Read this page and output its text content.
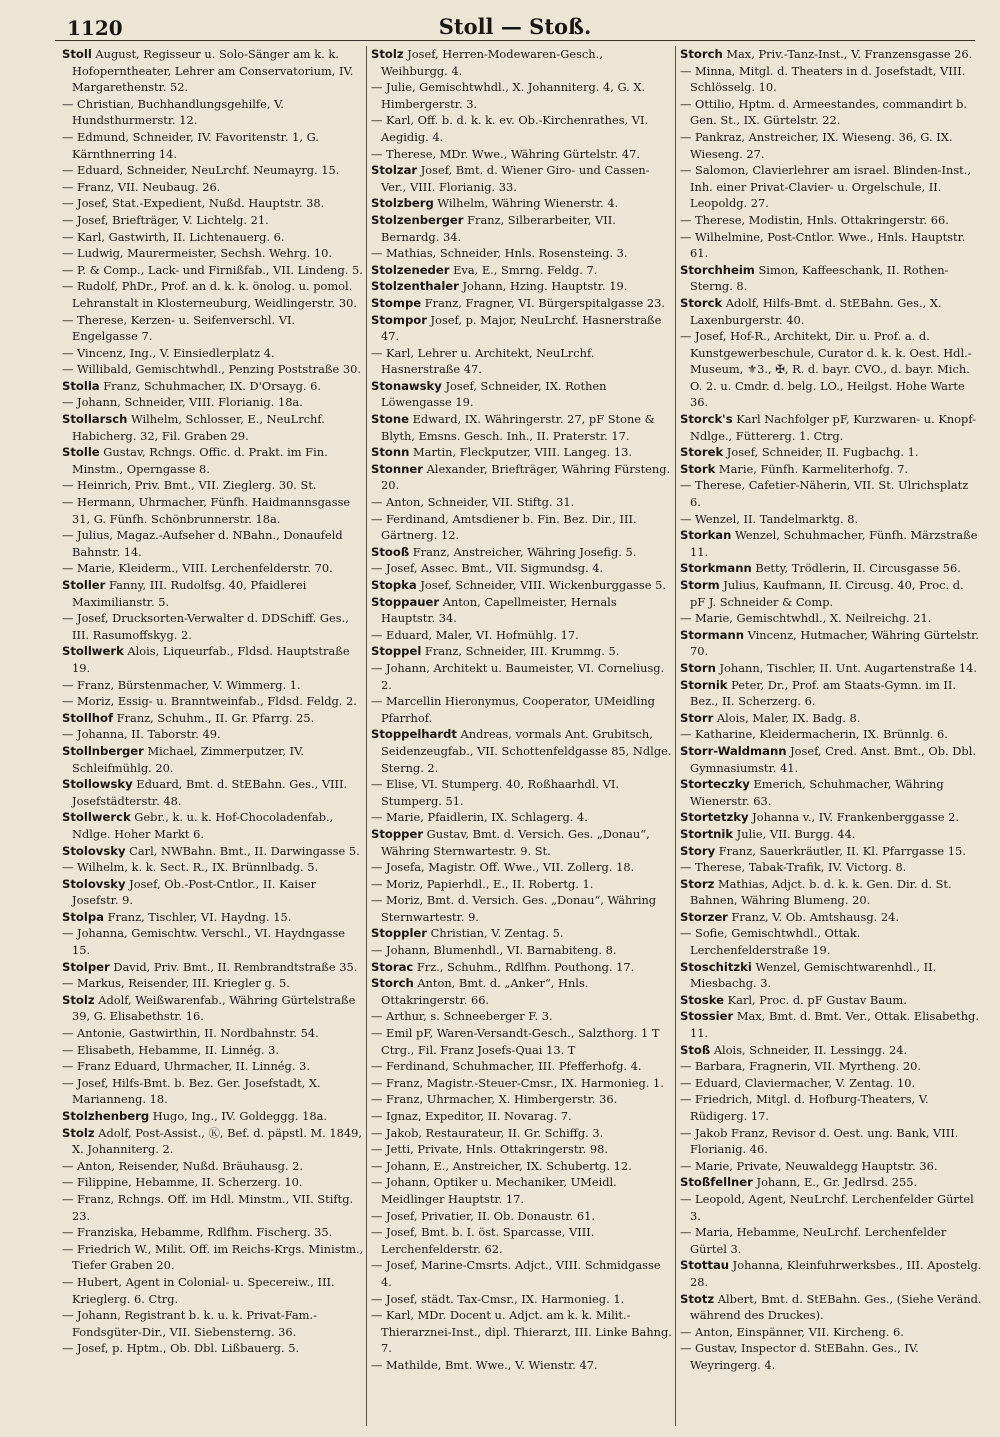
1120	Stoll — Stoß.

Stoll August, Regisseur u. Solo-Sänger am k. k. Hofoperntheater, Lehrer am Conservatorium, IV. Margarethenstr. 52.

— Christian, Buchhandlungsgehilfe, V. Hundsthurmerstr. 12.

— Edmund, Schneider, IV. Favoritenstr. 1, G. Kärnthnerring 14.

— Eduard, Schneider, NeuLrchf. Neumayrg. 15.

— Franz, VII. Neubaug. 26.

— Josef, Stat.-Expedient, Nußd. Hauptstr. 38.

— Josef, Briefträger, V. Lichtelg. 21.

— Karl, Gastwirth, II. Lichtenauerg. 6.

— Ludwig, Maurermeister, Sechsh. Wehrg. 10.

— P. & Comp., Lack- und Firnißfab., VII. Lindeng. 5.

— Rudolf, PhDr., Prof. an d. k. k. önolog. u. pomol. Lehranstalt in Klosterneuburg, Weidlingerstr. 30.

— Therese, Kerzen- u. Seifenverschl. VI. Engelgasse 7.

— Vincenz, Ing., V. Einsiedlerplatz 4.

— Willibald, Gemischtwhdl., Penzing Poststraße 30.

Stolla Franz, Schuhmacher, IX. D'Orsayg. 6.

— Johann, Schneider, VIII. Florianig. 18a.

Stollarsch Wilhelm, Schlosser, E., NeuLrchf. Habicherg. 32, Fil. Graben 29.

Stolle Gustav, Rchngs. Offic. d. Prakt. im Fin. Minstm., Operngasse 8.

— Heinrich, Priv. Bmt., VII. Zieglerg. 30. St.

— Hermann, Uhrmacher, Fünfh. Haidmannsgasse 31, G. Fünfh. Schönbrunnerstr. 18a.

— Julius, Magaz.-Aufseher d. NBahn., Donaufeld Bahnstr. 14.

— Marie, Kleiderm., VIII. Lerchenfelderstr. 70.

Stoller Fanny, III. Rudolfsg. 40, Pfaidlerei Maximilianstr. 5.

— Josef, Drucksorten-Verwalter d. DDSchiff. Ges., III. Rasumoffskyg. 2.

Stollwerk Alois, Liqueurfab., Fldsd. Hauptstraße 19.

— Franz, Bürstenmacher, V. Wimmerg. 1.

— Moriz, Essig- u. Branntweinfab., Fldsd. Feldg. 2.

Stollhof Franz, Schuhm., II. Gr. Pfarrg. 25.

— Johanna, II. Taborstr. 49.

Stollnberger Michael, Zimmerputzer, IV. Schleifmühlg. 20.

Stollowsky Eduard, Bmt. d. StEBahn. Ges., VIII. Josefstädterstr. 48.

Stollwerck Gebr., k. u. k. Hof-Chocoladenfab., Ndlge. Hoher Markt 6.

Stolovsky Carl, NWBahn. Bmt., II. Darwingasse 5.

— Wilhelm, k. k. Sect. R., IX. Brünnlbadg. 5.

Stolovsky Josef, Ob.-Post-Cntlor., II. Kaiser Josefstr. 9.

Stolpa Franz, Tischler, VI. Haydng. 15.

— Johanna, Gemischtw. Verschl., VI. Haydngasse 15.

Stolper David, Priv. Bmt., II. Rembrandtstraße 35.

— Markus, Reisender, III. Kriegler g. 5.

Stolz Adolf, Weißwarenfab., Währing Gürtelstraße 39, G. Elisabethstr. 16.

— Antonie, Gastwirthin, II. Nordbahnstr. 54.

— Elisabeth, Hebamme, II. Linnég. 3.

— Franz Eduard, Uhrmacher, II. Linnég. 3.

— Josef, Hilfs-Bmt. b. Bez. Ger. Josefstadt, X. Marianneng. 18.

Stolzhenberg Hugo, Ing., IV. Goldeggg. 18a.

Stolz Adolf, Post-Assist., Ⓚ, Bef. d. päpstl. M. 1849, X. Johanniterg. 2.

— Anton, Reisender, Nußd. Bräuhausg. 2.

— Filippine, Hebamme, II. Scherzerg. 10.

— Franz, Rchngs. Off. im Hdl. Minstm., VII. Stiftg. 23.

— Franziska, Hebamme, Rdlfhm. Fischerg. 35.

— Friedrich W., Milit. Off. im Reichs-Krgs. Ministm., Tiefer Graben 20.

— Hubert, Agent in Colonial- u. Specereiw., III. Krieglerg. 6. Ctrg.

— Johann, Registrant b. k. u. k. Privat-Fam.-Fondsgüter-Dir., VII. Siebensterng. 36.

— Josef, p. Hptm., Ob. Dbl. Lißbauerg. 5.

Stolz Josef, Herren-Modewaren-Gesch., Weihburgg. 4.

— Julie, Gemischtwhdl., X. Johanniterg. 4, G. X. Himbergerstr. 3.

— Karl, Off. b. d. k. k. ev. Ob.-Kirchenrathes, VI. Aegidig. 4.

— Therese, MDr. Wwe., Währing Gürtelstr. 47.

Stolzar Josef, Bmt. d. Wiener Giro- und Cassen-Ver., VIII. Florianig. 33.

Stolzberg Wilhelm, Währing Wienerstr. 4.

Stolzenberger Franz, Silberarbeiter, VII. Bernardg. 34.

— Mathias, Schneider, Hnls. Rosensteing. 3.

Stolzeneder Eva, E., Smrng. Feldg. 7.

Stolzenthaler Johann, Hzing. Hauptstr. 19.

Stompe Franz, Fragner, VI. Bürgerspitalgasse 23.

Stompor Josef, p. Major, NeuLrchf. Hasnerstraße 47.

— Karl, Lehrer u. Architekt, NeuLrchf. Hasnerstraße 47.

Stonawsky Josef, Schneider, IX. Rothen Löwengasse 19.

Stone Edward, IX. Währingerstr. 27, pF Stone & Blyth, Emsns. Gesch. Inh., II. Praterstr. 17.

Stonn Martin, Fleckputzer, VIII. Langeg. 13.

Stonner Alexander, Briefträger, Währing Fürsteng. 20.

— Anton, Schneider, VII. Stiftg. 31.

— Ferdinand, Amtsdiener b. Fin. Bez. Dir., III. Gärtnerg. 12.

Stooß Franz, Anstreicher, Währing Josefig. 5.

— Josef, Assec. Bmt., VII. Sigmundsg. 4.

Stopka Josef, Schneider, VIII. Wickenburggasse 5.

Stoppauer Anton, Capellmeister, Hernals Hauptstr. 34.

— Eduard, Maler, VI. Hofmühlg. 17.

Stoppel Franz, Schneider, III. Krummg. 5.

— Johann, Architekt u. Baumeister, VI. Corneliusg. 2.

— Marcellin Hieronymus, Cooperator, UMeidling Pfarrhof.

Stoppelhardt Andreas, vormals Ant. Grubitsch, Seidenzeugfab., VII. Schottenfeldgasse 85, Ndlge. Sterng. 2.

— Elise, VI. Stumperg. 40, Roßhaarhdl. VI. Stumperg. 51.

— Marie, Pfaidlerin, IX. Schlagerg. 4.

Stopper Gustav, Bmt. d. Versich. Ges. „Donau“, Währing Sternwartestr. 9. St.

— Josefa, Magistr. Off. Wwe., VII. Zollerg. 18.

— Moriz, Papierhdl., E., II. Robertg. 1.

— Moriz, Bmt. d. Versich. Ges. „Donau“, Währing Sternwartestr. 9.

Stoppler Christian, V. Zentag. 5.

— Johann, Blumenhdl., VI. Barnabiteng. 8.

Storac Frz., Schuhm., Rdlfhm. Pouthong. 17.

Storch Anton, Bmt. d. „Anker“, Hnls. Ottakringerstr. 66.

— Arthur, s. Schneeberger F. 3.

— Emil pF, Waren-Versandt-Gesch., Salzthorg. 1 T Ctrg., Fil. Franz Josefs-Quai 13. T

— Ferdinand, Schuhmacher, III. Pfefferhofg. 4.

— Franz, Magistr.-Steuer-Cmsr., IX. Harmonieg. 1.

— Franz, Uhrmacher, X. Himbergerstr. 36.

— Ignaz, Expeditor, II. Novarag. 7.

— Jakob, Restaurateur, II. Gr. Schiffg. 3.

— Jetti, Private, Hnls. Ottakringerstr. 98.

— Johann, E., Anstreicher, IX. Schubertg. 12.

— Johann, Optiker u. Mechaniker, UMeidl. Meidlinger Hauptstr. 17.

— Josef, Privatier, II. Ob. Donaustr. 61.

— Josef, Bmt. b. I. öst. Sparcasse, VIII. Lerchenfelderstr. 62.

— Josef, Marine-Cmsrts. Adjct., VIII. Schmidgasse 4.

— Josef, städt. Tax-Cmsr., IX. Harmonieg. 1.

— Karl, MDr. Docent u. Adjct. am k. k. Milit.-Thierarznei-Inst., dipl. Thierarzt, III. Linke Bahng. 7.

— Mathilde, Bmt. Wwe., V. Wienstr. 47.

Storch Max, Priv.-Tanz-Inst., V. Franzensgasse 26.

— Minna, Mitgl. d. Theaters in d. Josefstadt, VIII. Schlösselg. 10.

— Ottilio, Hptm. d. Armeestandes, commandirt b. Gen. St., IX. Gürtelstr. 22.

— Pankraz, Anstreicher, IX. Wieseng. 36, G. IX. Wieseng. 27.

— Salomon, Clavierlehrer am israel. Blinden-Inst., Inh. einer Privat-Clavier- u. Orgelschule, II. Leopoldg. 27.

— Therese, Modistin, Hnls. Ottakringerstr. 66.

— Wilhelmine, Post-Cntlor. Wwe., Hnls. Hauptstr. 61.

Storchheim Simon, Kaffeeschank, II. Rothen-Sterng. 8.

Storck Adolf, Hilfs-Bmt. d. StEBahn. Ges., X. Laxenburgerstr. 40.

— Josef, Hof-R., Architekt, Dir. u. Prof. a. d. Kunstgewerbeschule, Curator d. k. k. Oest. Hdl.-Museum, ⚜3., ✠, R. d. bayr. CVO., d. bayr. Mich. O. 2. u. Cmdr. d. belg. LO., Heilgst. Hohe Warte 36.

Storck's Karl Nachfolger pF, Kurzwaren- u. Knopf-Ndlge., Füttererg. 1. Ctrg.

Storek Josef, Schneider, II. Fugbachg. 1.

Stork Marie, Fünfh. Karmeliterhofg. 7.

— Therese, Cafetier-Näherin, VII. St. Ulrichsplatz 6.

— Wenzel, II. Tandelmarktg. 8.

Storkan Wenzel, Schuhmacher, Fünfh. Märzstraße 11.

Storkmann Betty, Trödlerin, II. Circusgasse 56.

Storm Julius, Kaufmann, II. Circusg. 40, Proc. d. pF J. Schneider & Comp.

— Marie, Gemischtwhdl., X. Neilreichg. 21.

Stormann Vincenz, Hutmacher, Währing Gürtelstr. 70.

Storn Johann, Tischler, II. Unt. Augartenstraße 14.

Stornik Peter, Dr., Prof. am Staats-Gymn. im II. Bez., II. Scherzerg. 6.

Storr Alois, Maler, IX. Badg. 8.

— Katharine, Kleidermacherin, IX. Brünnlg. 6.

Storr-Waldmann Josef, Cred. Anst. Bmt., Ob. Dbl. Gymnasiumstr. 41.

Storteczky Emerich, Schuhmacher, Währing Wienerstr. 63.

Stortetzky Johanna v., IV. Frankenberggasse 2.

Stortnik Julie, VII. Burgg. 44.

Story Franz, Sauerkräutler, II. Kl. Pfarrgasse 15.

— Therese, Tabak-Trafik, IV. Victorg. 8.

Storz Mathias, Adjct. b. d. k. k. Gen. Dir. d. St. Bahnen, Währing Blumeng. 20.

Storzer Franz, V. Ob. Amtshausg. 24.

— Sofie, Gemischtwhdl., Ottak. Lerchenfelderstraße 19.

Stoschitzki Wenzel, Gemischtwarenhdl., II. Miesbachg. 3.

Stoske Karl, Proc. d. pF Gustav Baum.

Stossier Max, Bmt. d. Bmt. Ver., Ottak. Elisabethg. 11.

Stoß Alois, Schneider, II. Lessingg. 24.

— Barbara, Fragnerin, VII. Myrtheng. 20.

— Eduard, Claviermacher, V. Zentag. 10.

— Friedrich, Mitgl. d. Hofburg-Theaters, V. Rüdigerg. 17.

— Jakob Franz, Revisor d. Oest. ung. Bank, VIII. Florianig. 46.

— Marie, Private, Neuwaldegg Hauptstr. 36.

Stoßfellner Johann, E., Gr. Jedlrsd. 255.

— Leopold, Agent, NeuLrchf. Lerchenfelder Gürtel 3.

— Maria, Hebamme, NeuLrchf. Lerchenfelder Gürtel 3.

Stottau Johanna, Kleinfuhrwerksbes., III. Apostelg. 28.

Stotz Albert, Bmt. d. StEBahn. Ges., (Siehe Veränd. während des Druckes).

— Anton, Einspänner, VII. Kircheng. 6.

— Gustav, Inspector d. StEBahn. Ges., IV. Weyringerg. 4.
